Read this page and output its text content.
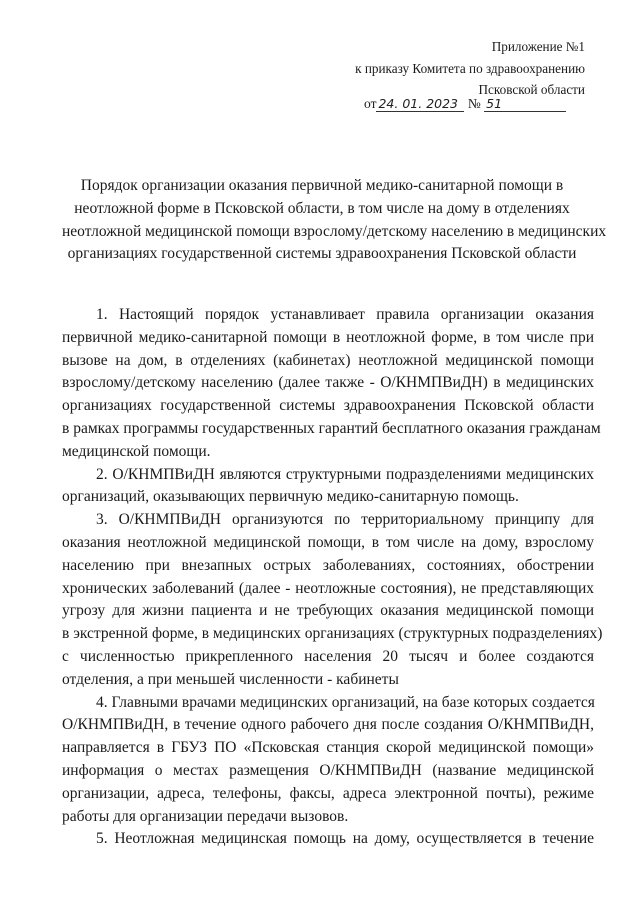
Приложение №1
к приказу Комитета по здравоохранению
Псковской области
от 24. 01. 2023 № 51
Порядок организации оказания первичной медико-санитарной помощи в
неотложной форме в Псковской области, в том числе на дому в отделениях
неотложной медицинской помощи взрослому/детскому населению в медицинских
организациях государственной системы здравоохранения Псковской области
1. Настоящий порядок устанавливает правила организации оказания
первичной медико-санитарной помощи в неотложной форме, в том числе при
вызове на дом, в отделениях (кабинетах) неотложной медицинской помощи
взрослому/детскому населению (далее также - О/КНМПВиДН) в медицинских
организациях государственной системы здравоохранения Псковской области
в рамках программы государственных гарантий бесплатного оказания гражданам
медицинской помощи.
2. О/КНМПВиДН являются структурными подразделениями медицинских
организаций, оказывающих первичную медико-санитарную помощь.
3. О/КНМПВиДН организуются по территориальному принципу для
оказания неотложной медицинской помощи, в том числе на дому, взрослому
населению при внезапных острых заболеваниях, состояниях, обострении
хронических заболеваний (далее - неотложные состояния), не представляющих
угрозу для жизни пациента и не требующих оказания медицинской помощи
в экстренной форме, в медицинских организациях (структурных подразделениях)
с численностью прикрепленного населения 20 тысяч и более создаются
отделения, а при меньшей численности - кабинеты
4. Главными врачами медицинских организаций, на базе которых создается
О/КНМПВиДН, в течение одного рабочего дня после создания О/КНМПВиДН,
направляется в ГБУЗ ПО «Псковская станция скорой медицинской помощи»
информация о местах размещения О/КНМПВиДН (название медицинской
организации, адреса, телефоны, факсы, адреса электронной почты), режиме
работы для организации передачи вызовов.
5. Неотложная медицинская помощь на дому, осуществляется в течение
